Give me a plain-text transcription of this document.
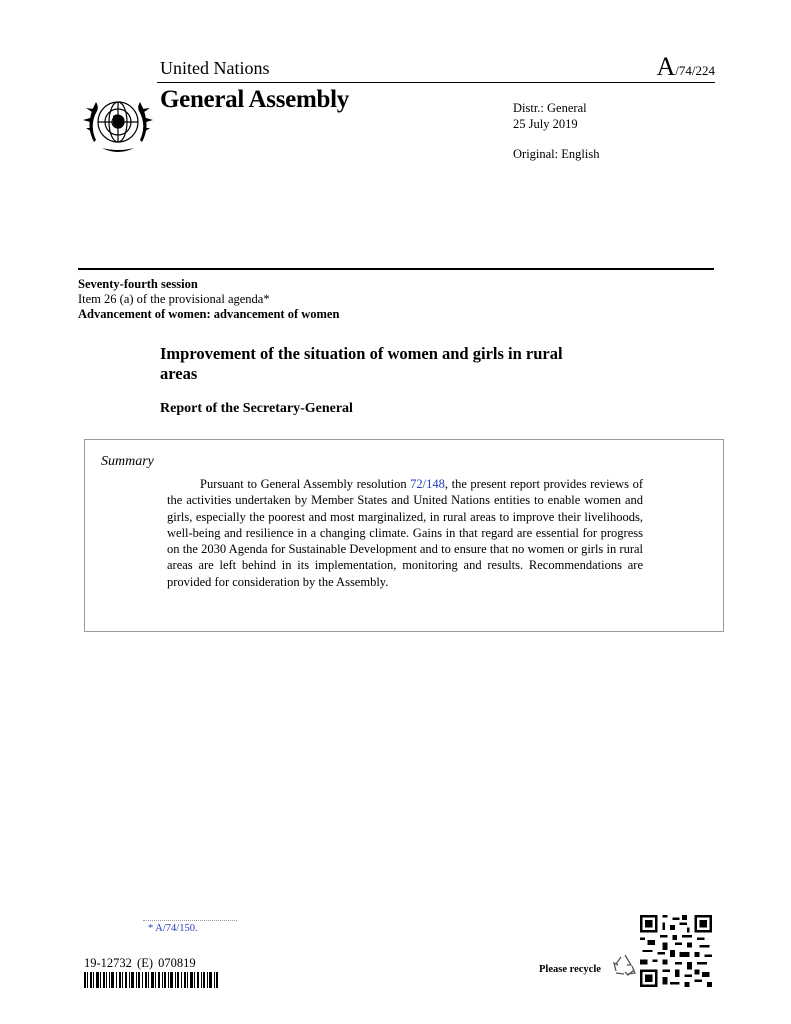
United Nations	A/74/224
General Assembly	Distr.: General
25 July 2019
Original: English
Seventy-fourth session
Item 26 (a) of the provisional agenda*
Advancement of women: advancement of women
Improvement of the situation of women and girls in rural areas
Report of the Secretary-General
Summary
Pursuant to General Assembly resolution 72/148, the present report provides reviews of the activities undertaken by Member States and United Nations entities to enable women and girls, especially the poorest and most marginalized, in rural areas to improve their livelihoods, well-being and resilience in a changing climate. Gains in that regard are essential for progress on the 2030 Agenda for Sustainable Development and to ensure that no women or girls in rural areas are left behind in its implementation, monitoring and results. Recommendations are provided for consideration by the Assembly.
* A/74/150.
19-12732 (E) 070819	Please recycle
